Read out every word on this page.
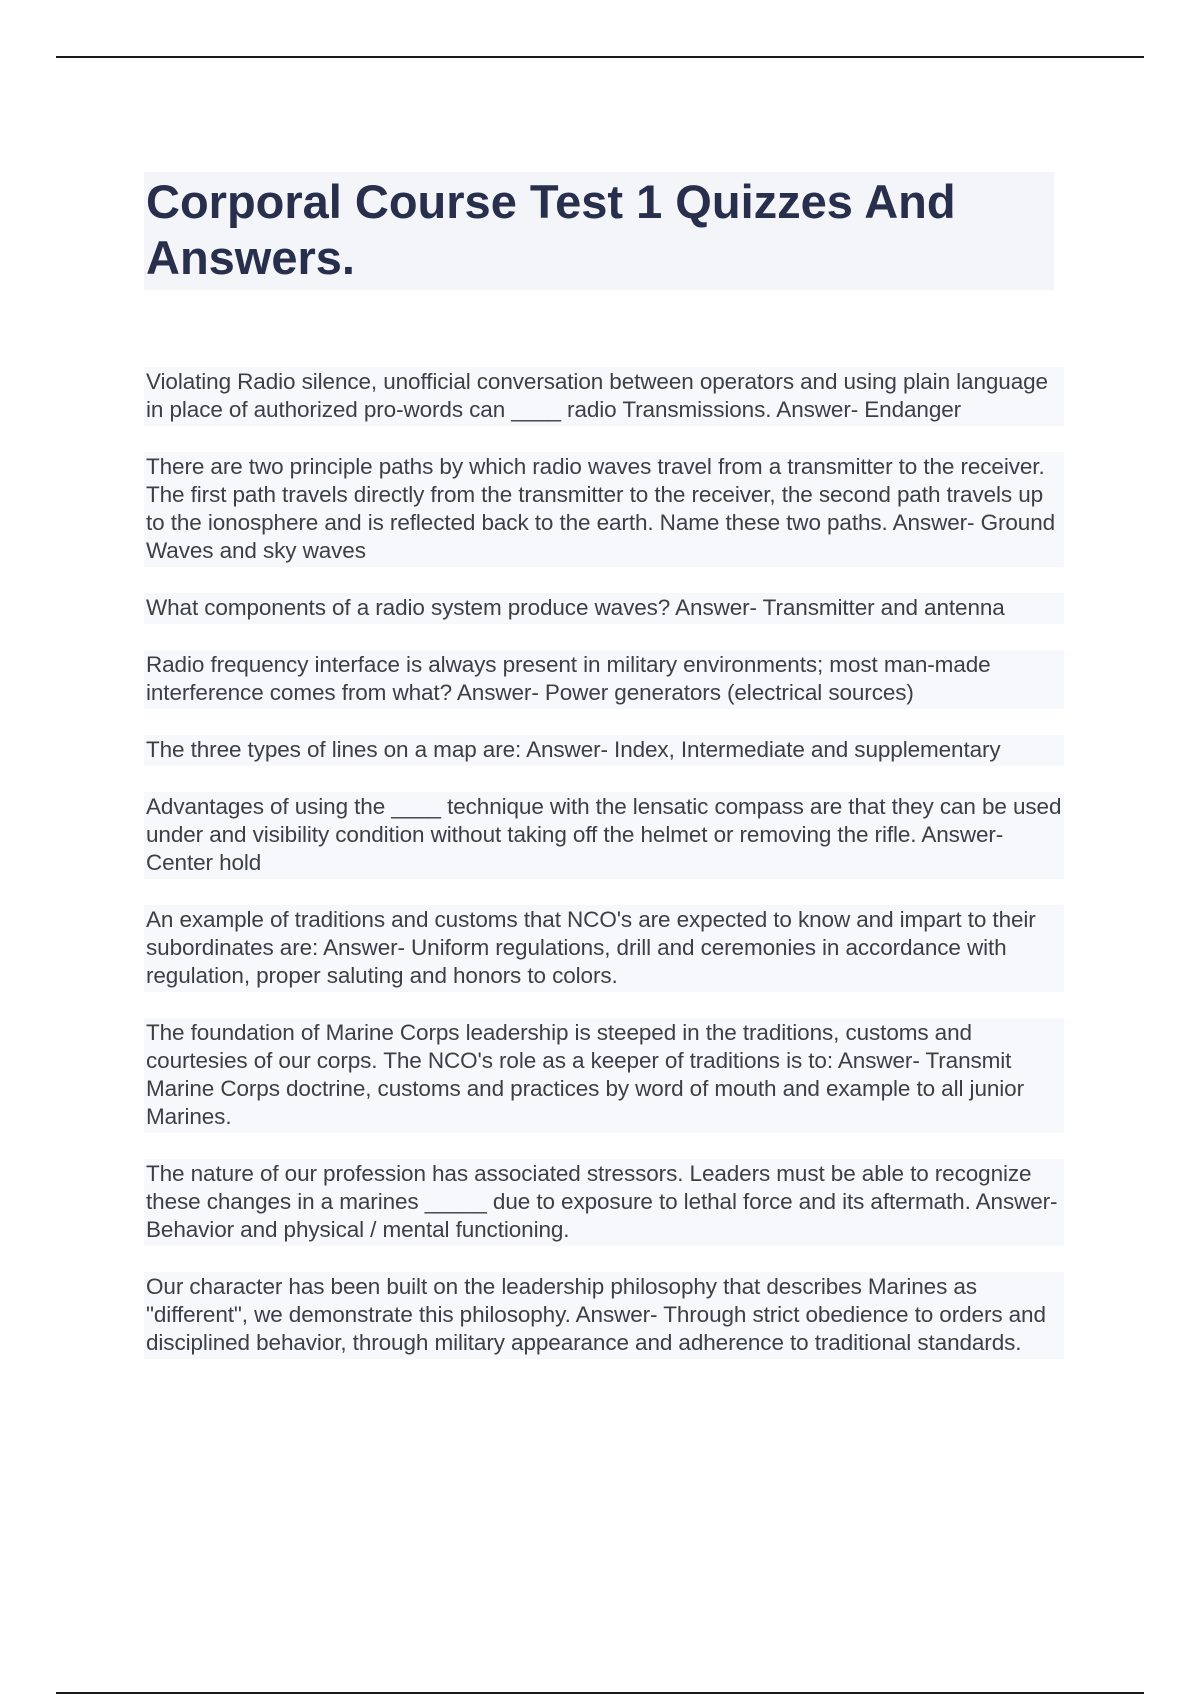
Corporal Course Test 1 Quizzes And Answers.

Violating Radio silence, unofficial conversation between operators and using plain language in place of authorized pro-words can ____ radio Transmissions. Answer- Endanger

There are two principle paths by which radio waves travel from a transmitter to the receiver. The first path travels directly from the transmitter to the receiver, the second path travels up to the ionosphere and is reflected back to the earth. Name these two paths. Answer- Ground Waves and sky waves

What components of a radio system produce waves? Answer- Transmitter and antenna

Radio frequency interface is always present in military environments; most man-made interference comes from what? Answer- Power generators (electrical sources)

The three types of lines on a map are: Answer- Index, Intermediate and supplementary

Advantages of using the ____ technique with the lensatic compass are that they can be used under and visibility condition without taking off the helmet or removing the rifle. Answer- Center hold

An example of traditions and customs that NCO's are expected to know and impart to their subordinates are: Answer- Uniform regulations, drill and ceremonies in accordance with regulation, proper saluting and honors to colors.

The foundation of Marine Corps leadership is steeped in the traditions, customs and courtesies of our corps. The NCO's role as a keeper of traditions is to: Answer- Transmit Marine Corps doctrine, customs and practices by word of mouth and example to all junior Marines.

The nature of our profession has associated stressors. Leaders must be able to recognize these changes in a marines _____ due to exposure to lethal force and its aftermath. Answer- Behavior and physical / mental functioning.

Our character has been built on the leadership philosophy that describes Marines as "different", we demonstrate this philosophy. Answer- Through strict obedience to orders and disciplined behavior, through military appearance and adherence to traditional standards.
